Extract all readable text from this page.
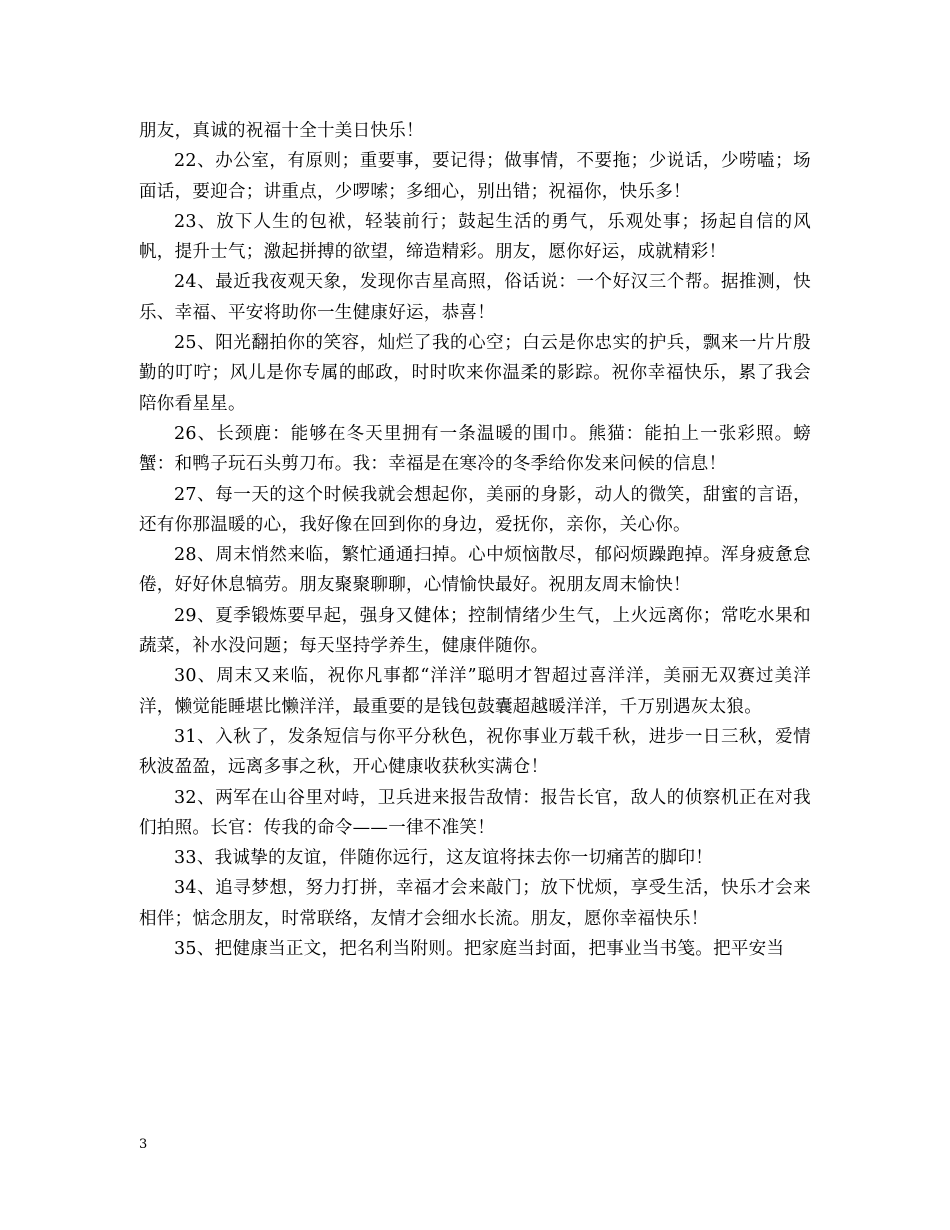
朋友，真诚的祝福十全十美日快乐！

22、办公室，有原则；重要事，要记得；做事情，不要拖；少说话，少唠嗑；场面话，要迎合；讲重点，少啰嗦；多细心，别出错；祝福你，快乐多！

23、放下人生的包袱，轻装前行；鼓起生活的勇气，乐观处事；扬起自信的风帆，提升士气；激起拼搏的欲望，缔造精彩。朋友，愿你好运，成就精彩！

24、最近我夜观天象，发现你吉星高照，俗话说：一个好汉三个帮。据推测，快乐、幸福、平安将助你一生健康好运，恭喜！

25、阳光翻拍你的笑容，灿烂了我的心空；白云是你忠实的护兵，飘来一片片殷勤的叮咛；风儿是你专属的邮政，时时吹来你温柔的影踪。祝你幸福快乐，累了我会陪你看星星。

26、长颈鹿：能够在冬天里拥有一条温暖的围巾。熊猫：能拍上一张彩照。螃蟹：和鸭子玩石头剪刀布。我：幸福是在寒冷的冬季给你发来问候的信息！

27、每一天的这个时候我就会想起你，美丽的身影，动人的微笑，甜蜜的言语，还有你那温暖的心，我好像在回到你的身边，爱抚你，亲你，关心你。

28、周末悄然来临，繁忙通通扫掉。心中烦恼散尽，郁闷烦躁跑掉。浑身疲惫怠倦，好好休息犒劳。朋友聚聚聊聊，心情愉快最好。祝朋友周末愉快！

29、夏季锻炼要早起，强身又健体；控制情绪少生气，上火远离你；常吃水果和蔬菜，补水没问题；每天坚持学养生，健康伴随你。

30、周末又来临，祝你凡事都“洋洋”聪明才智超过喜洋洋，美丽无双赛过美洋洋，懒觉能睡堪比懒洋洋，最重要的是钱包鼓囊超越暖洋洋，千万别遇灰太狼。

31、入秋了，发条短信与你平分秋色，祝你事业万载千秋，进步一日三秋，爱情秋波盈盈，远离多事之秋，开心健康收获秋实满仓！

32、两军在山谷里对峙，卫兵进来报告敌情：报告长官，敌人的侦察机正在对我们拍照。长官：传我的命令——一律不准笑！

33、我诚挚的友谊，伴随你远行，这友谊将抹去你一切痛苦的脚印！

34、追寻梦想，努力打拼，幸福才会来敲门；放下忧烦，享受生活，快乐才会来相伴；惦念朋友，时常联络，友情才会细水长流。朋友，愿你幸福快乐！

35、把健康当正文，把名利当附则。把家庭当封面，把事业当书笺。把平安当

3
